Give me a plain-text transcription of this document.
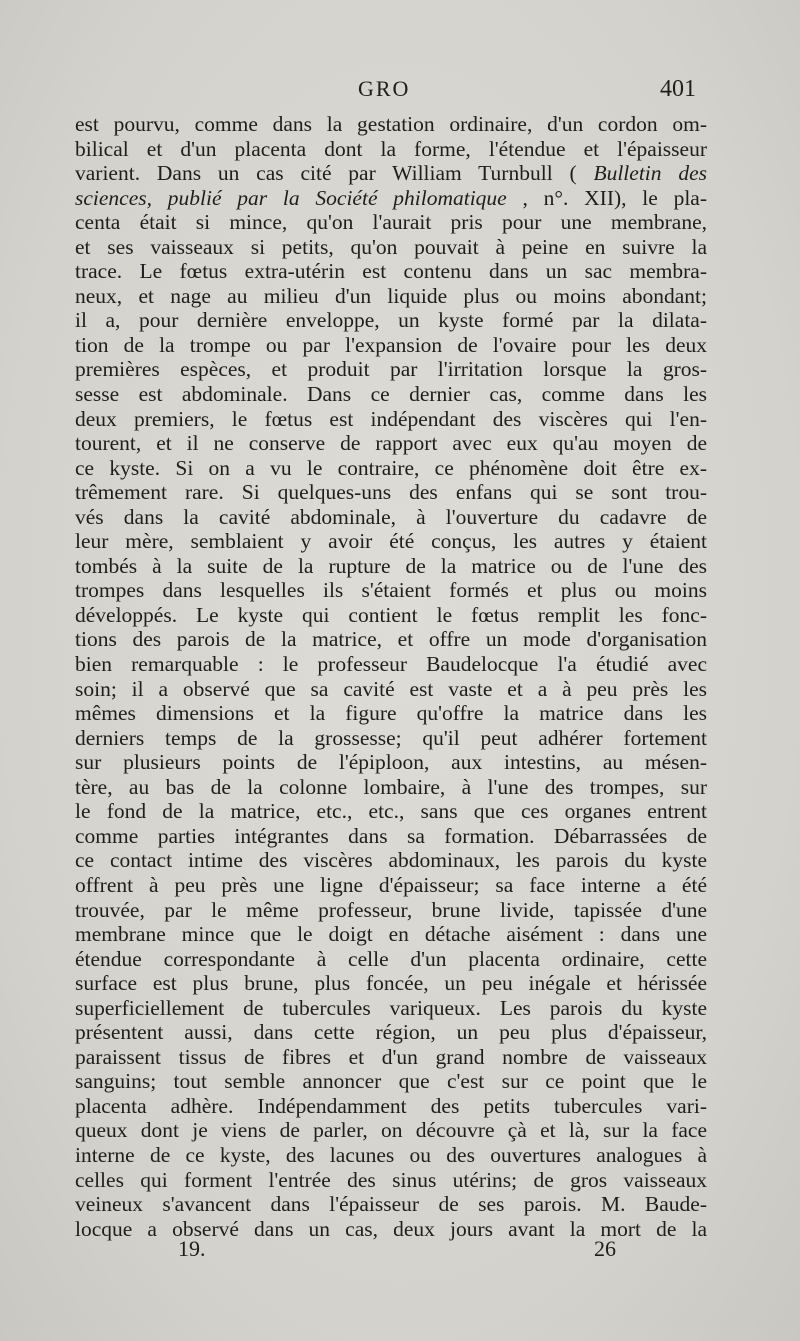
GRO	401
est pourvu, comme dans la gestation ordinaire, d'un cordon om-
bilical et d'un placenta dont la forme, l'étendue et l'épaisseur
varient. Dans un cas cité par William Turnbull ( Bulletin des
sciences, publié par la Société philomatique , n°. XII), le pla-
centa était si mince, qu'on l'aurait pris pour une membrane,
et ses vaisseaux si petits, qu'on pouvait à peine en suivre la
trace. Le fœtus extra-utérin est contenu dans un sac membra-
neux, et nage au milieu d'un liquide plus ou moins abondant;
il a, pour dernière enveloppe, un kyste formé par la dilata-
tion de la trompe ou par l'expansion de l'ovaire pour les deux
premières espèces, et produit par l'irritation lorsque la gros-
sesse est abdominale. Dans ce dernier cas, comme dans les
deux premiers, le fœtus est indépendant des viscères qui l'en-
tourent, et il ne conserve de rapport avec eux qu'au moyen de
ce kyste. Si on a vu le contraire, ce phénomène doit être ex-
trêmement rare. Si quelques-uns des enfans qui se sont trou-
vés dans la cavité abdominale, à l'ouverture du cadavre de
leur mère, semblaient y avoir été conçus, les autres y étaient
tombés à la suite de la rupture de la matrice ou de l'une des
trompes dans lesquelles ils s'étaient formés et plus ou moins
développés. Le kyste qui contient le fœtus remplit les fonc-
tions des parois de la matrice, et offre un mode d'organisation
bien remarquable : le professeur Baudelocque l'a étudié avec
soin; il a observé que sa cavité est vaste et a à peu près les
mêmes dimensions et la figure qu'offre la matrice dans les
derniers temps de la grossesse; qu'il peut adhérer fortement
sur plusieurs points de l'épiploon, aux intestins, au mésen-
tère, au bas de la colonne lombaire, à l'une des trompes, sur
le fond de la matrice, etc., etc., sans que ces organes entrent
comme parties intégrantes dans sa formation. Débarrassées de
ce contact intime des viscères abdominaux, les parois du kyste
offrent à peu près une ligne d'épaisseur; sa face interne a été
trouvée, par le même professeur, brune livide, tapissée d'une
membrane mince que le doigt en détache aisément : dans une
étendue correspondante à celle d'un placenta ordinaire, cette
surface est plus brune, plus foncée, un peu inégale et hérissée
superficiellement de tubercules variqueux. Les parois du kyste
présentent aussi, dans cette région, un peu plus d'épaisseur,
paraissent tissus de fibres et d'un grand nombre de vaisseaux
sanguins; tout semble annoncer que c'est sur ce point que le
placenta adhère. Indépendamment des petits tubercules vari-
queux dont je viens de parler, on découvre çà et là, sur la face
interne de ce kyste, des lacunes ou des ouvertures analogues à
celles qui forment l'entrée des sinus utérins; de gros vaisseaux
veineux s'avancent dans l'épaisseur de ses parois. M. Baude-
locque a observé dans un cas, deux jours avant la mort de la
19.	26
